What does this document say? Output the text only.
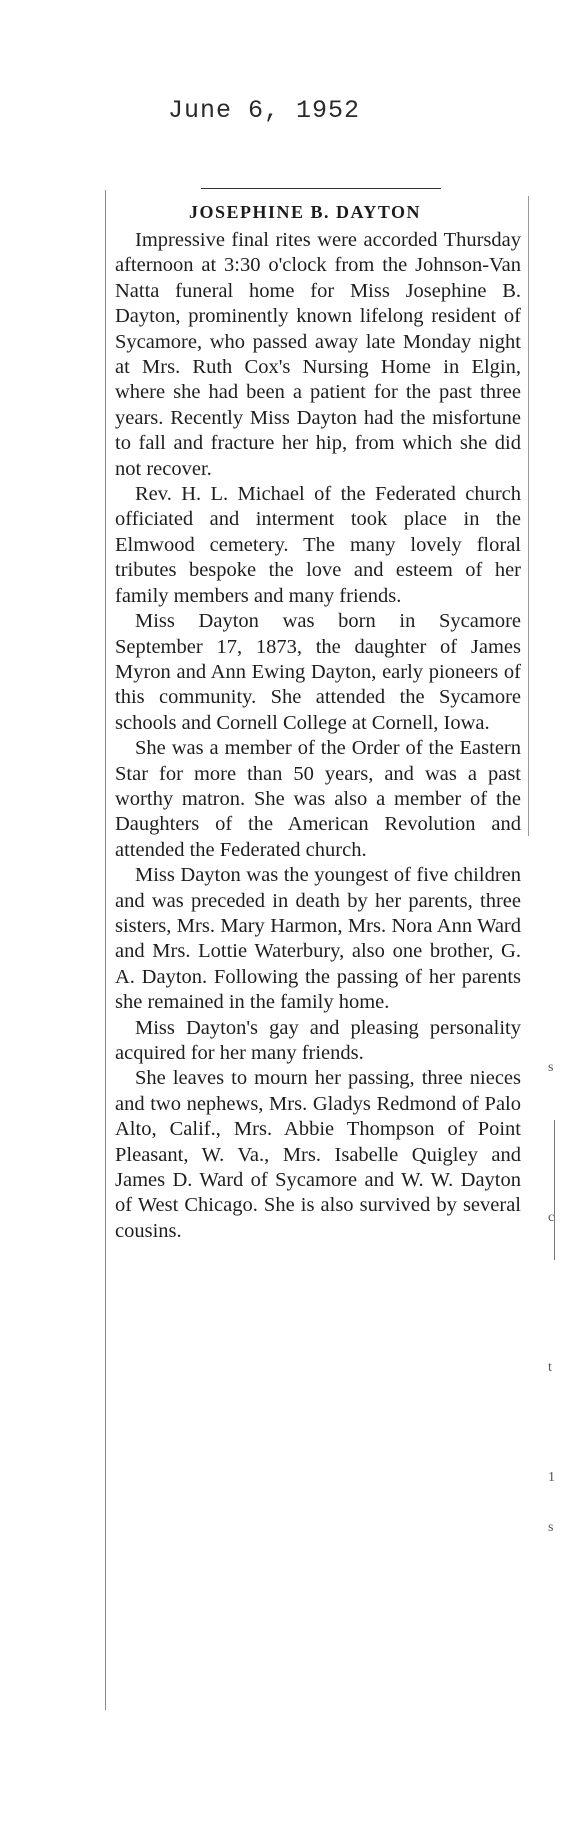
June 6, 1952
JOSEPHINE B. DAYTON

Impressive final rites were accorded Thursday afternoon at 3:30 o'clock from the Johnson-Van Natta funeral home for Miss Josephine B. Dayton, prominently known lifelong resident of Sycamore, who passed away late Monday night at Mrs. Ruth Cox's Nursing Home in Elgin, where she had been a patient for the past three years. Recently Miss Dayton had the misfortune to fall and fracture her hip, from which she did not recover.

Rev. H. L. Michael of the Federated church officiated and interment took place in the Elmwood cemetery. The many lovely floral tributes bespoke the love and esteem of her family members and many friends.

Miss Dayton was born in Sycamore September 17, 1873, the daughter of James Myron and Ann Ewing Dayton, early pioneers of this community. She attended the Sycamore schools and Cornell College at Cornell, Iowa.

She was a member of the Order of the Eastern Star for more than 50 years, and was a past worthy matron. She was also a member of the Daughters of the American Revolution and attended the Federated church.

Miss Dayton was the youngest of five children and was preceded in death by her parents, three sisters, Mrs. Mary Harmon, Mrs. Nora Ann Ward and Mrs. Lottie Waterbury, also one brother, G. A. Dayton. Following the passing of her parents she remained in the family home.

Miss Dayton's gay and pleasing personality acquired for her many friends.

She leaves to mourn her passing, three nieces and two nephews, Mrs. Gladys Redmond of Palo Alto, Calif., Mrs. Abbie Thompson of Point Pleasant, W. Va., Mrs. Isabelle Quigley and James D. Ward of Sycamore and W. W. Dayton of West Chicago. She is also survived by several cousins.

s
c
t
1
s
